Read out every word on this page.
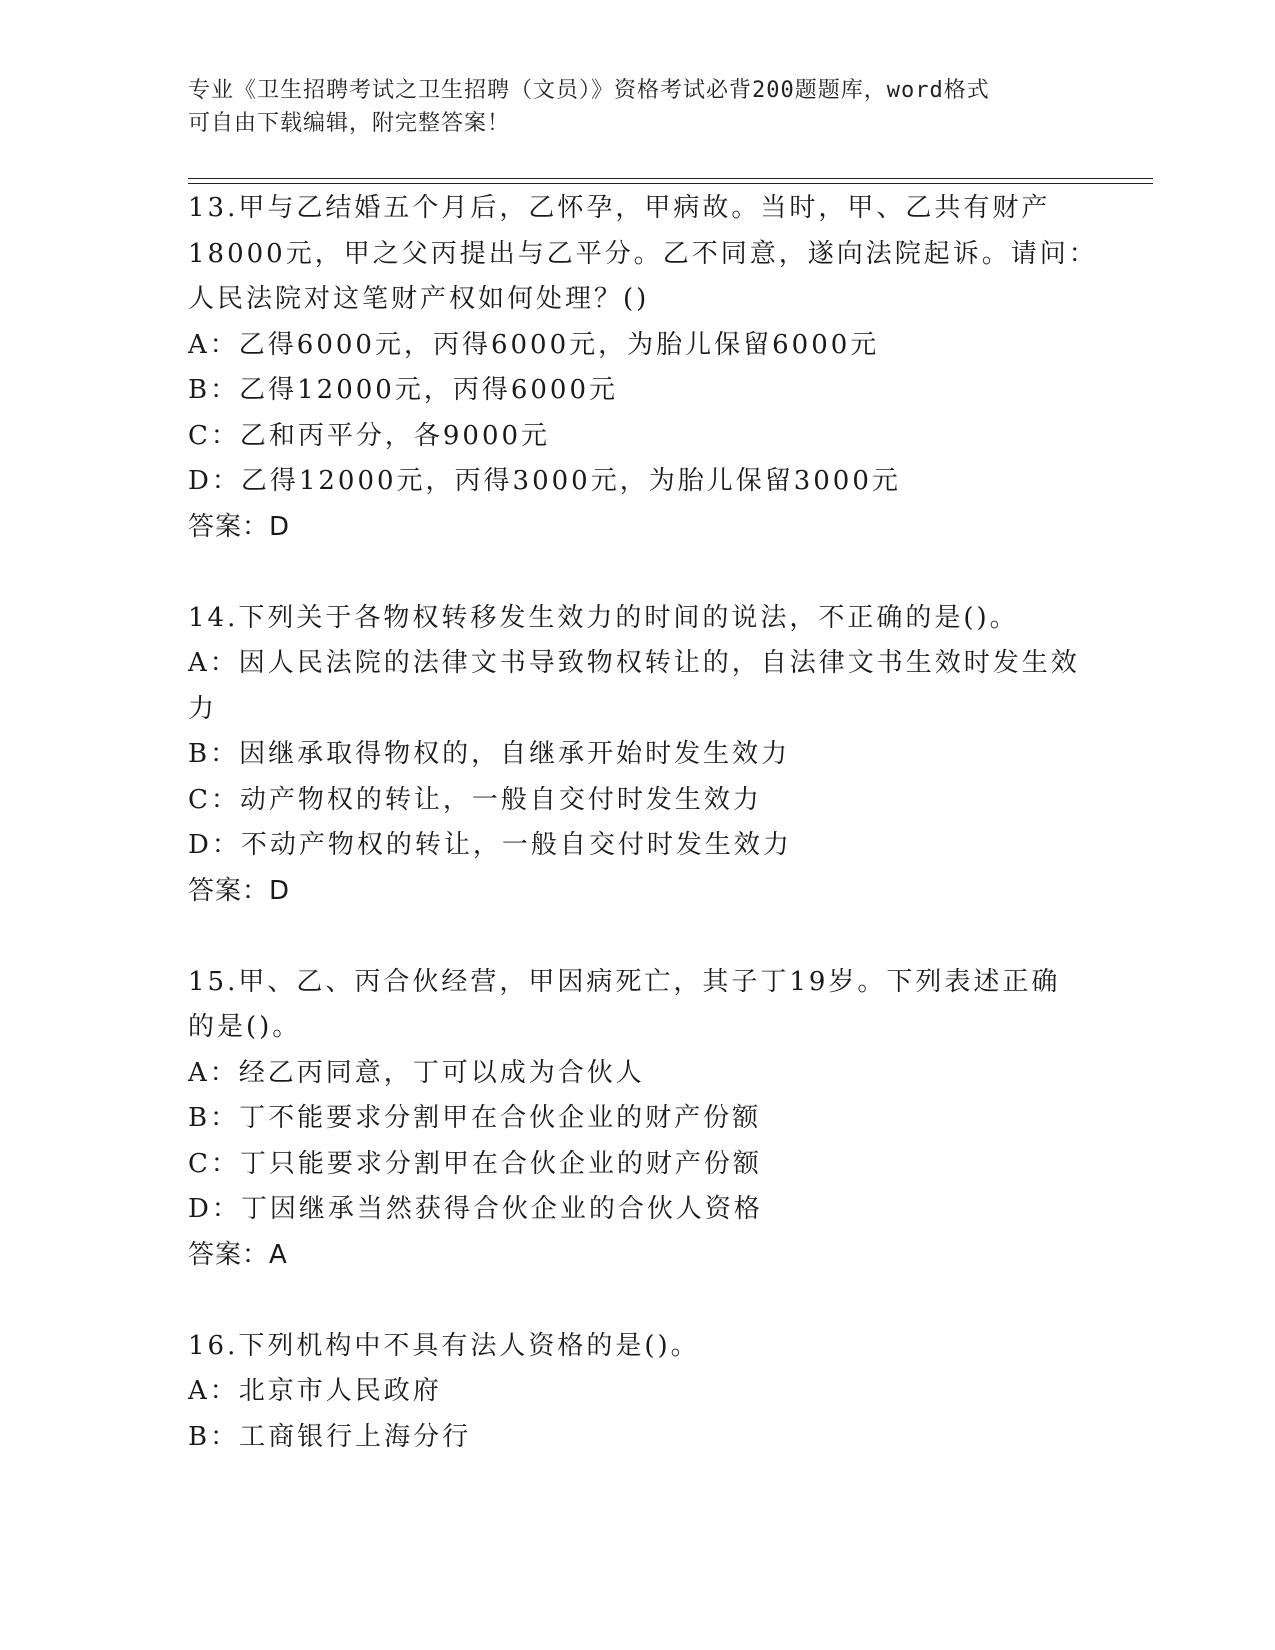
专业《卫生招聘考试之卫生招聘（文员）》资格考试必背200题题库，word格式
可自由下载编辑，附完整答案！
13.甲与乙结婚五个月后，乙怀孕，甲病故。当时，甲、乙共有财产
18000元，甲之父丙提出与乙平分。乙不同意，遂向法院起诉。请问：
人民法院对这笔财产权如何处理？()
A：乙得6000元，丙得6000元，为胎儿保留6000元
B：乙得12000元，丙得6000元
C：乙和丙平分，各9000元
D：乙得12000元，丙得3000元，为胎儿保留3000元
答案：D
14.下列关于各物权转移发生效力的时间的说法，不正确的是()。
A：因人民法院的法律文书导致物权转让的，自法律文书生效时发生效
力
B：因继承取得物权的，自继承开始时发生效力
C：动产物权的转让，一般自交付时发生效力
D：不动产物权的转让，一般自交付时发生效力
答案：D
15.甲、乙、丙合伙经营，甲因病死亡，其子丁19岁。下列表述正确
的是()。
A：经乙丙同意，丁可以成为合伙人
B：丁不能要求分割甲在合伙企业的财产份额
C：丁只能要求分割甲在合伙企业的财产份额
D：丁因继承当然获得合伙企业的合伙人资格
答案：A
16.下列机构中不具有法人资格的是()。
A：北京市人民政府
B：工商银行上海分行
